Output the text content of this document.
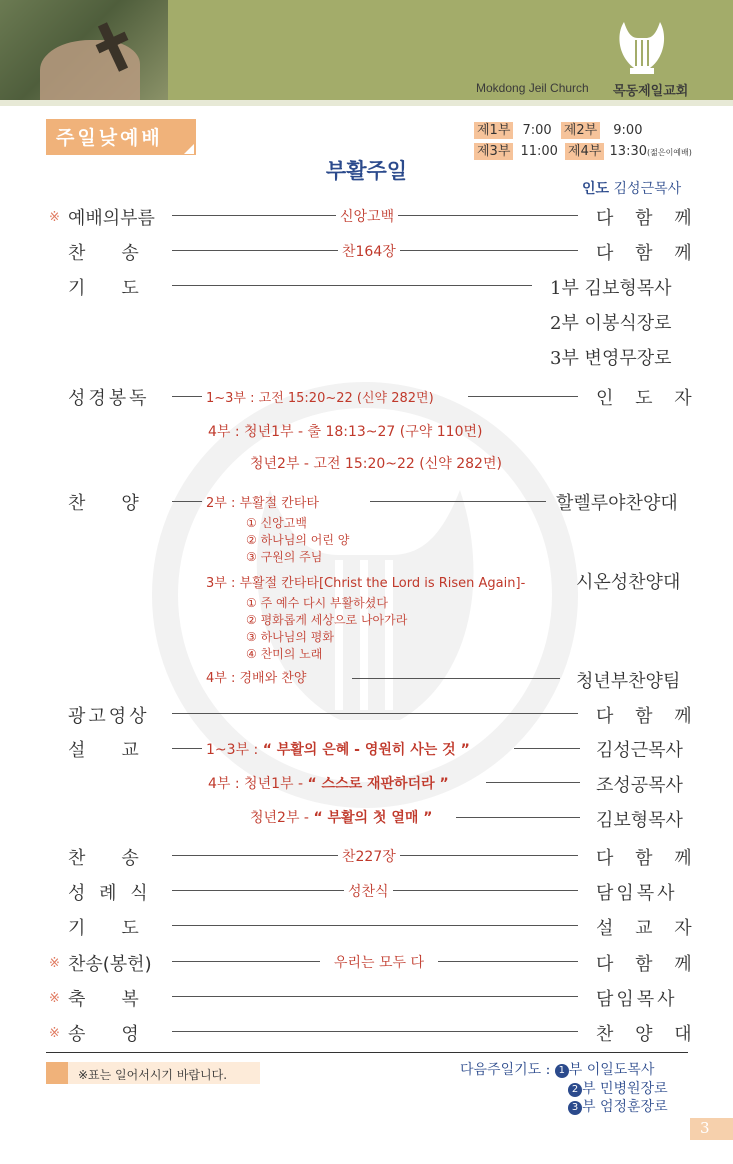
Mokdong Jeil Church 목동제일교회
주일낮예배	제1부 7:00 제2부 9:00
제3부 11:00 제4부 13:30(젊은이예배)
부활주일
인도 김성근목사
※ 예배의부름	신앙고백	다 함 께
찬　　송	찬164장	다 함 께
기　　도	1부 김보형목사
2부 이봉식장로
3부 변영무장로
성경봉독	1~3부 : 고전 15:20~22 (신약 282면)	인 도 자
4부 : 청년1부 - 출 18:13~27 (구약 110면)
청년2부 - 고전 15:20~22 (신약 282면)
찬　　양	2부 : 부활절 칸타타	할렐루야찬양대
① 신앙고백
② 하나님의 어린 양
③ 구원의 주님
3부 : 부활절 칸타타[Christ the Lord is Risen Again]-	시온성찬양대
① 주 예수 다시 부활하셨다
② 평화롭게 세상으로 나아가라
③ 하나님의 평화
④ 찬미의 노래
4부 : 경배와 찬양	청년부찬양팀
광고영상	다 함 께
설　　교	1~3부 : “ 부활의 은혜 - 영원히 사는 것 ”	김성근목사
4부 : 청년1부 - “ 스스로 재판하더라 ”	조성공목사
청년2부 - “ 부활의 첫 열매 ”	김보형목사
찬　　송	찬227장	다 함 께
성 례 식	성찬식	담임목사
기　　도	설 교 자
※ 찬송(봉헌)	우리는 모두 다	다 함 께
※ 축　　복	담임목사
※ 송　　영	찬 양 대
※표는 일어서시기 바랍니다.	다음주일기도 : 1 부 이일도목사
2 부 민병원장로
3 부 엄정훈장로
3
